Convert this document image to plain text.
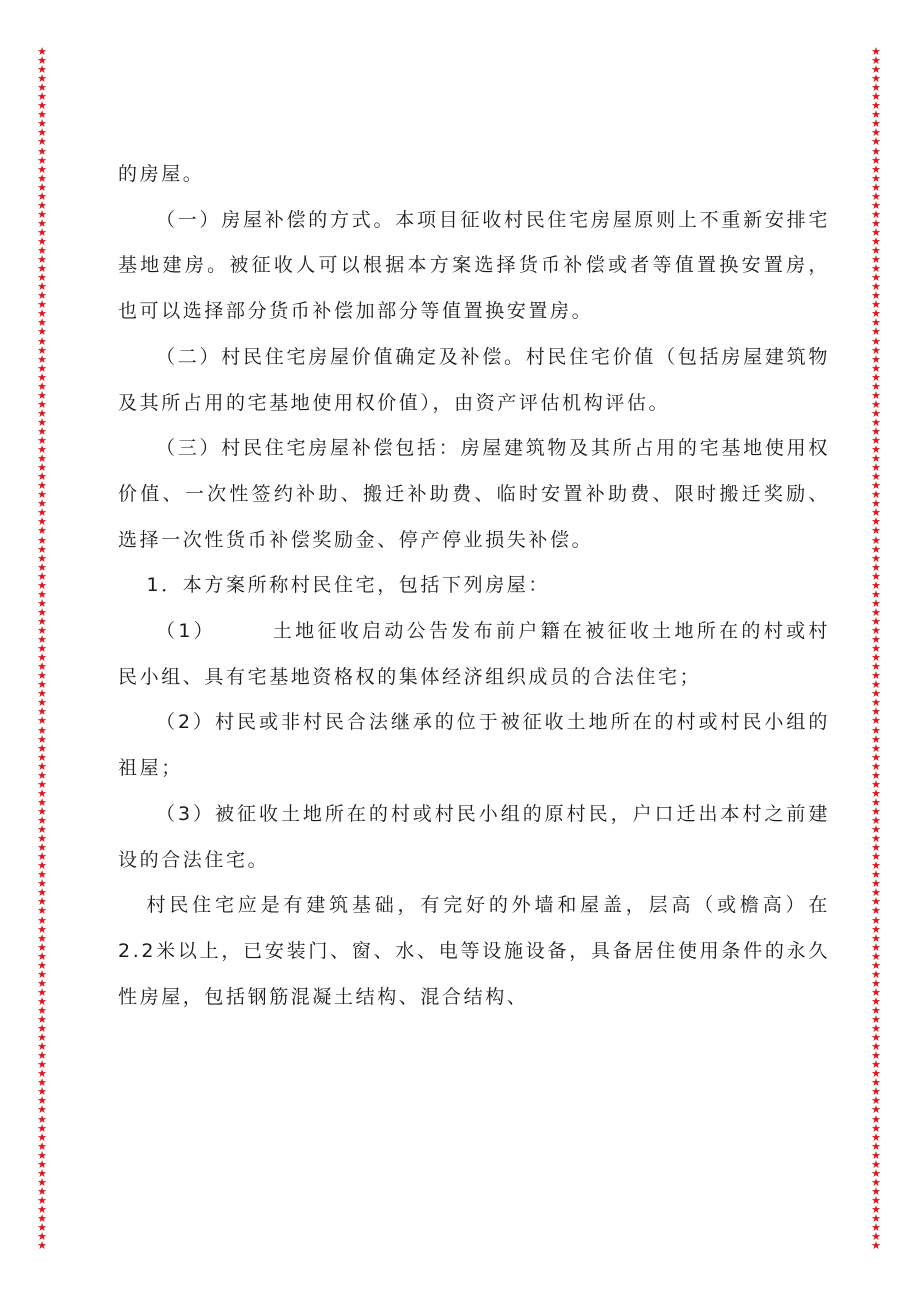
★
★
★
★
★
★
★
★
★
★
★
★
★
★
★
★
★
★
★
★
★
★
★
★
★
★
★
★
★
★
★
★
★
★
★
★
★
★
★
★
★
★
★
★
★
★
★
★
★
★
★
★
★
★
★
★
★
★
★
★
★
★
★
★
★
★
★
★
★
★
★
★
★
★
★
★
★
★
★
★
★
★
★
★
★
★
★
★
★
★
★
★
★
★
★
★
★
★
★
★
★
★
★
★
★
★
★
★
★
★
★
★
★
★
★
★
★
★
★
★
★
★
★
★
★
★
★
★
★
★
★
★
★
★
★
★
★
★
★
★
★
★
★
★
★
★
★
★
★
★
★
★
★
★
★
★
★
★
★
★
★
★
★
★
★
★
★
★
★
★
★
★
★
★
★
★
★
★
★
★
★
★
★
★
★
★
★
★
★
★
★
★
★
★
★
★
★
★
★
★
★
★
★
★
★
★
★
★
★
★
★
★
★
★
★
★
★
★
★
★
★
★
★
★
★
★
★
★
★
★
★
★
★
★
★
★
★
★
★
★
★
★
★
★
★
★
★
★
★
★
★
★
★
★
★
★
★
★
★
★
★
★
★
★
★
★

的房屋。

（一）房屋补偿的方式。本项目征收村民住宅房屋原则上不重新安排宅基地建房。被征收人可以根据本方案选择货币补偿或者等值置换安置房，也可以选择部分货币补偿加部分等值置换安置房。

（二）村民住宅房屋价值确定及补偿。村民住宅价值（包括房屋建筑物及其所占用的宅基地使用权价值），由资产评估机构评估。

（三）村民住宅房屋补偿包括：房屋建筑物及其所占用的宅基地使用权价值、一次性签约补助、搬迁补助费、临时安置补助费、限时搬迁奖励、选择一次性货币补偿奖励金、停产停业损失补偿。

1．本方案所称村民住宅，包括下列房屋：

（1）	土地征收启动公告发布前户籍在被征收土地所在的村或村民小组、具有宅基地资格权的集体经济组织成员的合法住宅；

（2）村民或非村民合法继承的位于被征收土地所在的村或村民小组的祖屋；

（3）被征收土地所在的村或村民小组的原村民，户口迁出本村之前建设的合法住宅。

村民住宅应是有建筑基础，有完好的外墙和屋盖，层高（或檐高）在2.2米以上，已安装门、窗、水、电等设施设备，具备居住使用条件的永久性房屋，包括钢筋混凝土结构、混合结构、
